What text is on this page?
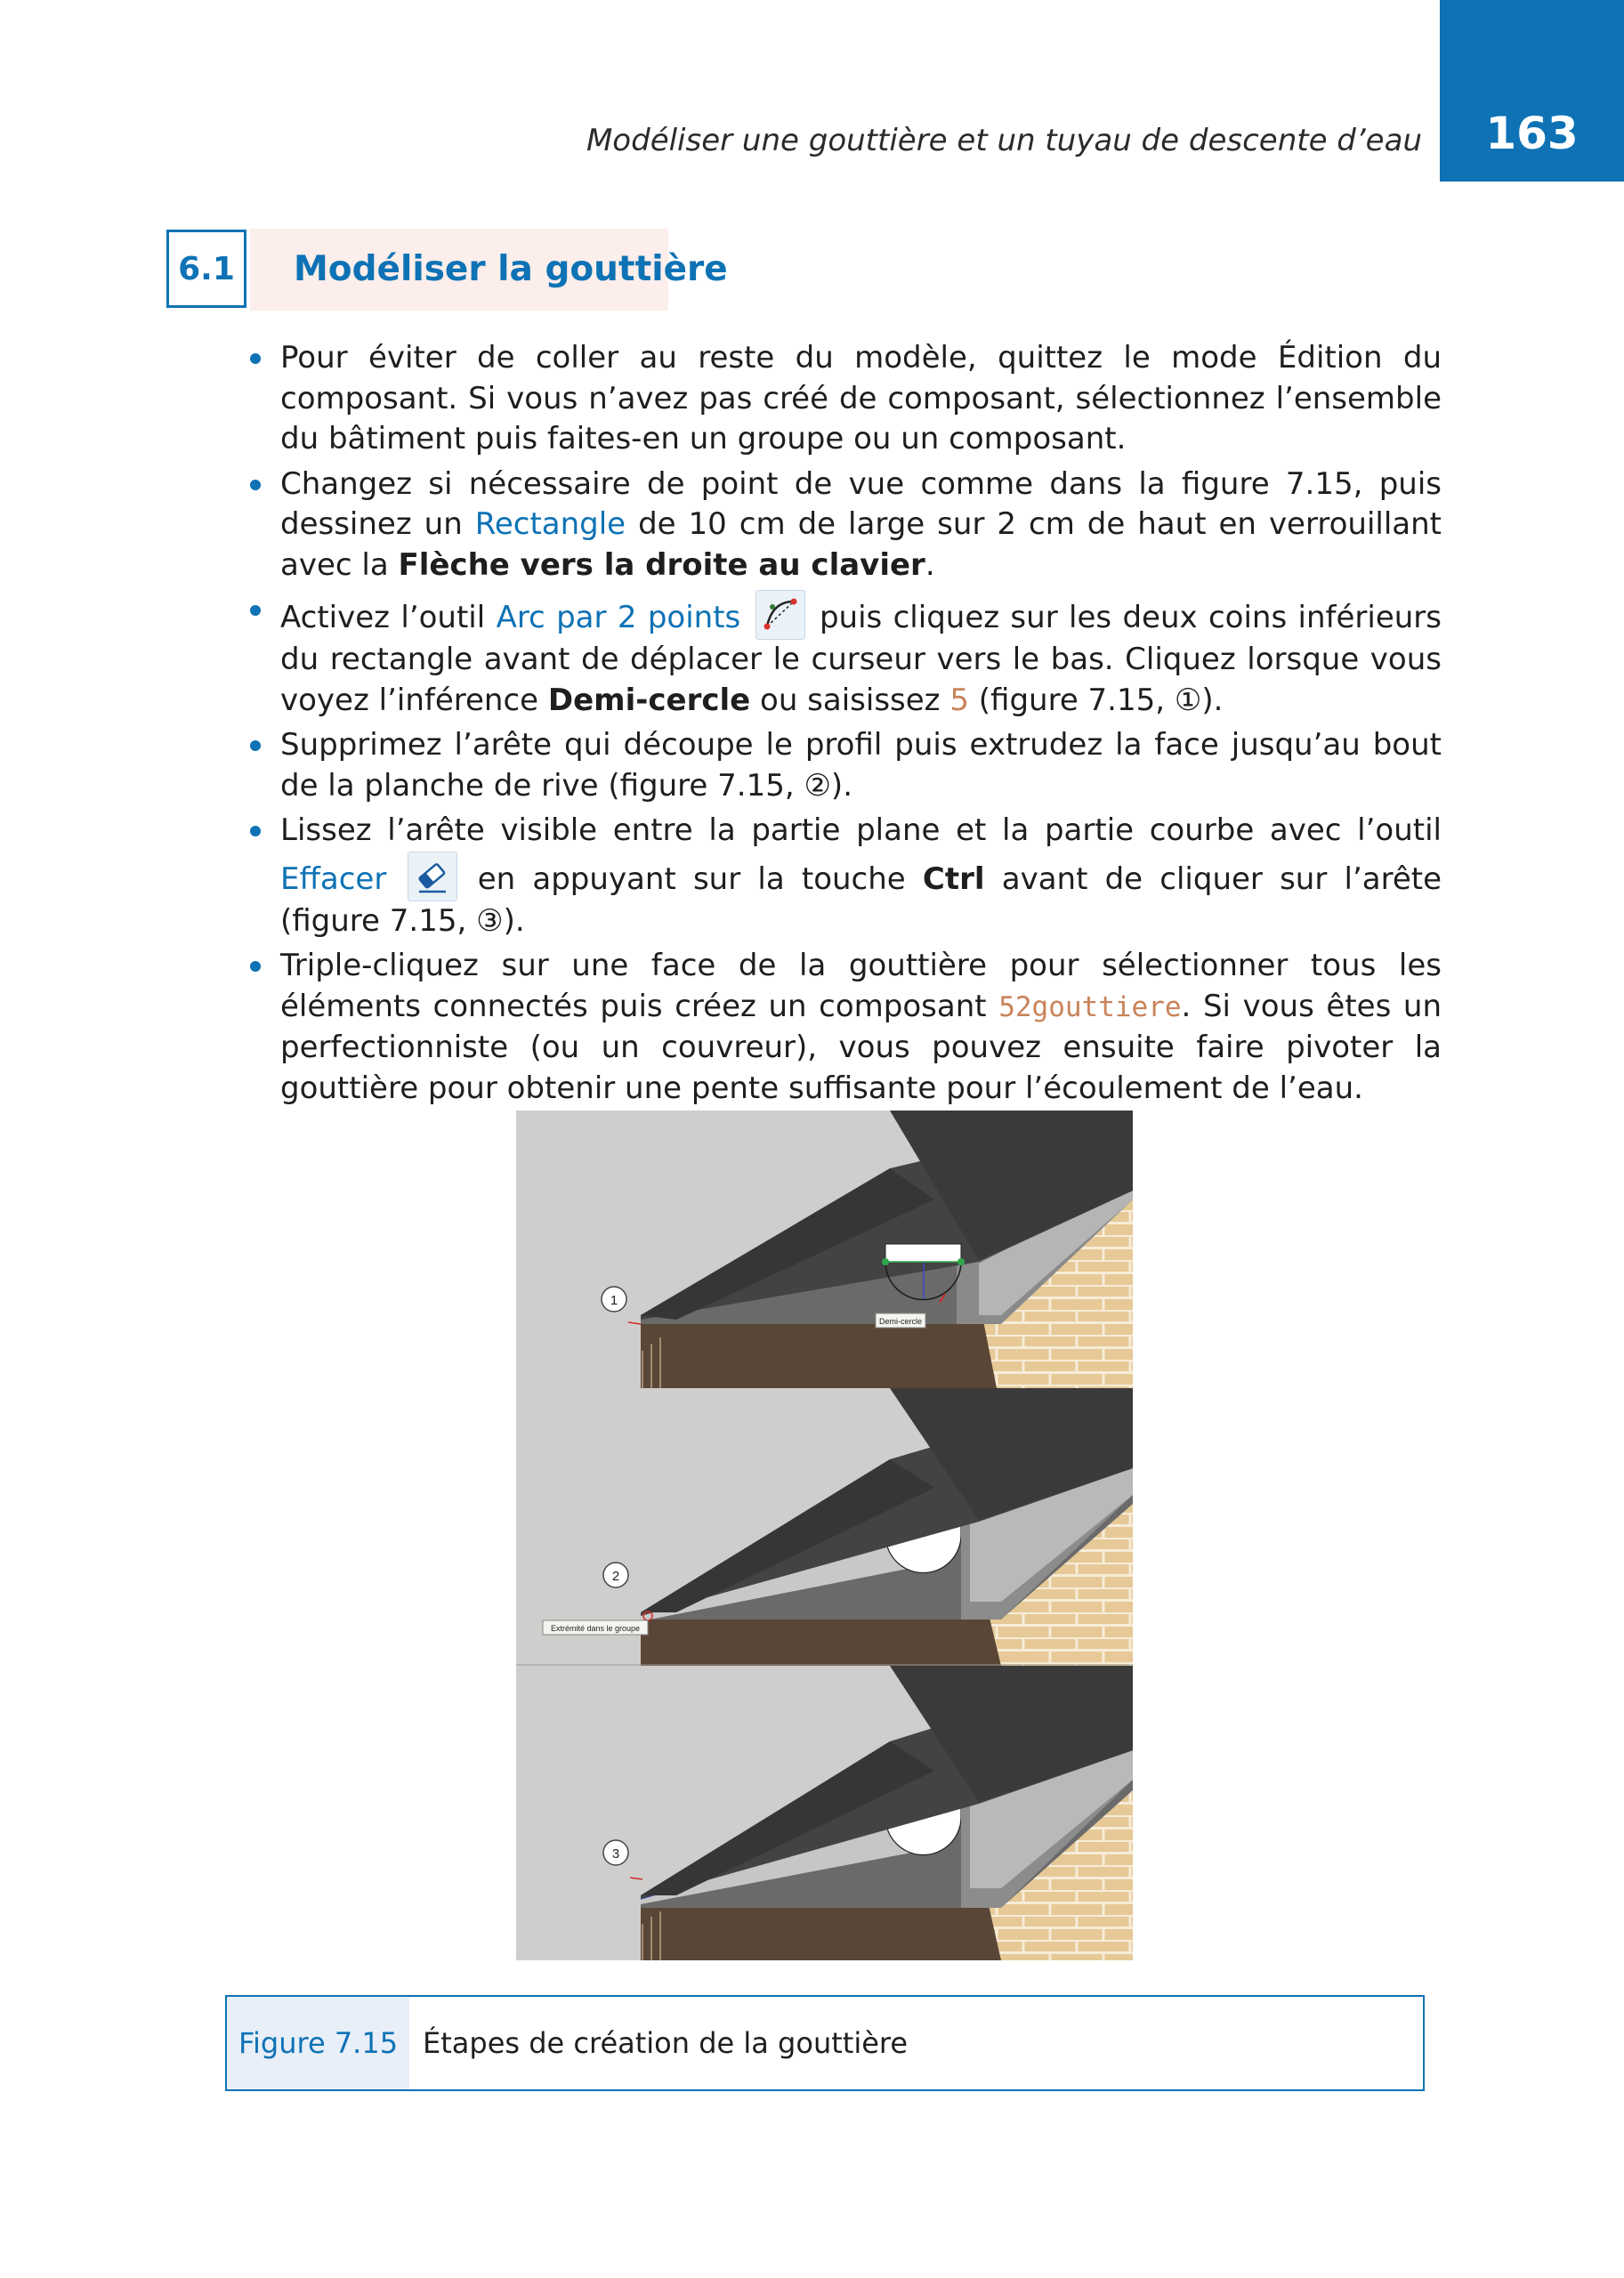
Modéliser une gouttière et un tuyau de descente d’eau	163
6.1	Modéliser la gouttière
Pour éviter de coller au reste du modèle, quittez le mode Édition du composant. Si vous n’avez pas créé de composant, sélectionnez l’ensemble du bâtiment puis faites-en un groupe ou un composant.
Changez si nécessaire de point de vue comme dans la figure 7.15, puis dessinez un Rectangle de 10 cm de large sur 2 cm de haut en verrouillant avec la Flèche vers la droite au clavier.
Activez l’outil Arc par 2 points
puis cliquez sur les deux coins inférieurs du rectangle avant de déplacer le curseur vers le bas. Cliquez lorsque vous voyez l’inférence Demi-cercle ou saisissez 5 (figure 7.15, ①).
Supprimez l’arête qui découpe le profil puis extrudez la face jusqu’au bout de la planche de rive (figure 7.15, ②).
Lissez l’arête visible entre la partie plane et la partie courbe avec l’outil Effacer
en appuyant sur la touche Ctrl avant de cliquer sur l’arête (figure 7.15, ③).
Triple-cliquez sur une face de la gouttière pour sélectionner tous les éléments connectés puis créez un composant 52gouttiere. Si vous êtes un perfectionniste (ou un couvreur), vous pouvez ensuite faire pivoter la gouttière pour obtenir une pente suffisante pour l’écoulement de l’eau.
Demi-cercle
1
2
Extrémité dans le groupe
3
Figure 7.15 Étapes de création de la gouttière
